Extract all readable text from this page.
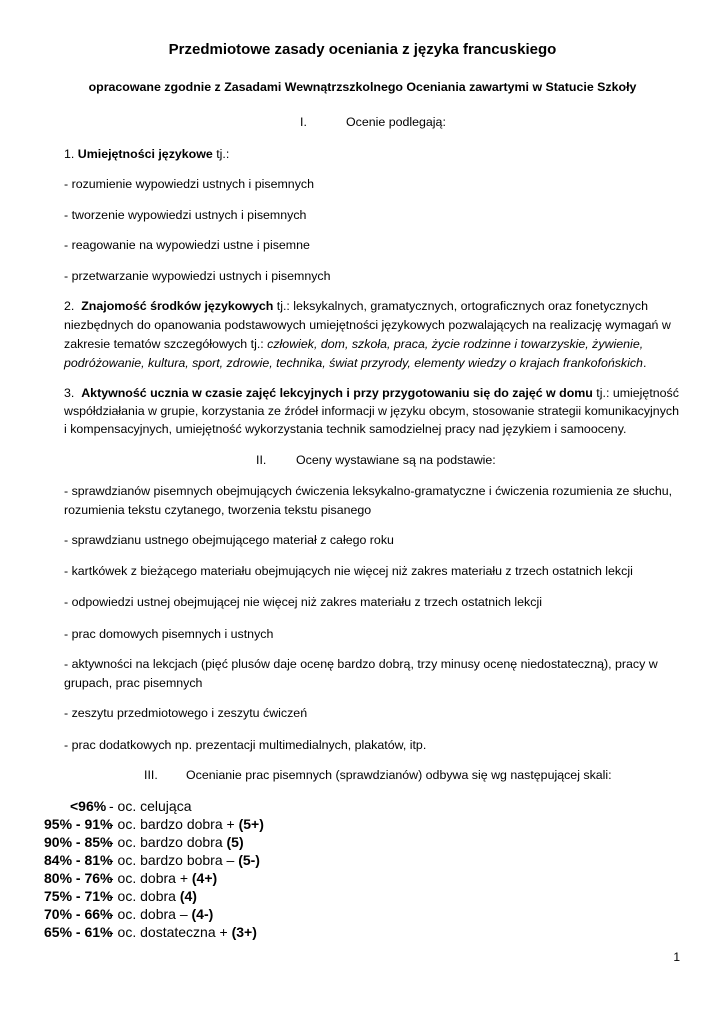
Przedmiotowe zasady oceniania z języka francuskiego
opracowane zgodnie z Zasadami Wewnątrzszkolnego Oceniania zawartymi w Statucie Szkoły
I.	Ocenie podlegają:
1. Umiejętności językowe tj.:
- rozumienie wypowiedzi ustnych i pisemnych
- tworzenie wypowiedzi ustnych i pisemnych
- reagowanie na wypowiedzi ustne i pisemne
- przetwarzanie wypowiedzi ustnych i pisemnych
2. Znajomość środków językowych tj.: leksykalnych, gramatycznych, ortograficznych oraz fonetycznych niezbędnych do opanowania podstawowych umiejętności językowych pozwalających na realizację wymagań w zakresie tematów szczegółowych tj.: człowiek, dom, szkoła, praca, życie rodzinne i towarzyskie, żywienie, podróżowanie, kultura, sport, zdrowie, technika, świat przyrody, elementy wiedzy o krajach frankofońskich.
3. Aktywność ucznia w czasie zajęć lekcyjnych i przy przygotowaniu się do zajęć w domu tj.: umiejętność współdziałania w grupie, korzystania ze źródeł informacji w języku obcym, stosowanie strategii komunikacyjnych i kompensacyjnych, umiejętność wykorzystania technik samodzielnej pracy nad językiem i samooceny.
II. Oceny wystawiane są na podstawie:
- sprawdzianów pisemnych obejmujących ćwiczenia leksykalno-gramatyczne i ćwiczenia rozumienia ze słuchu, rozumienia tekstu czytanego, tworzenia tekstu pisanego
- sprawdzianu ustnego obejmującego materiał z całego roku
- kartkówek z bieżącego materiału obejmujących nie więcej niż zakres materiału z trzech ostatnich lekcji
- odpowiedzi ustnej obejmującej nie więcej niż zakres materiału z trzech ostatnich lekcji
- prac domowych pisemnych i ustnych
- aktywności na lekcjach (pięć plusów daje ocenę bardzo dobrą, trzy minusy ocenę niedostateczną), pracy w grupach, prac pisemnych
- zeszytu przedmiotowego i zeszytu ćwiczeń
- prac dodatkowych np. prezentacji multimedialnych, plakatów, itp.
III. Ocenianie prac pisemnych (sprawdzianów) odbywa się wg następującej skali:
<96% - oc. celująca
95% - 91%
- oc. bardzo dobra + (5+)
90% - 85%
- oc. bardzo dobra (5)
84% - 81%
- oc. bardzo bobra – (5-)
80% - 76%
- oc. dobra + (4+)
75% - 71%
- oc. dobra (4)
70% - 66%
- oc. dobra – (4-)
65% - 61%
- oc. dostateczna + (3+)
1
